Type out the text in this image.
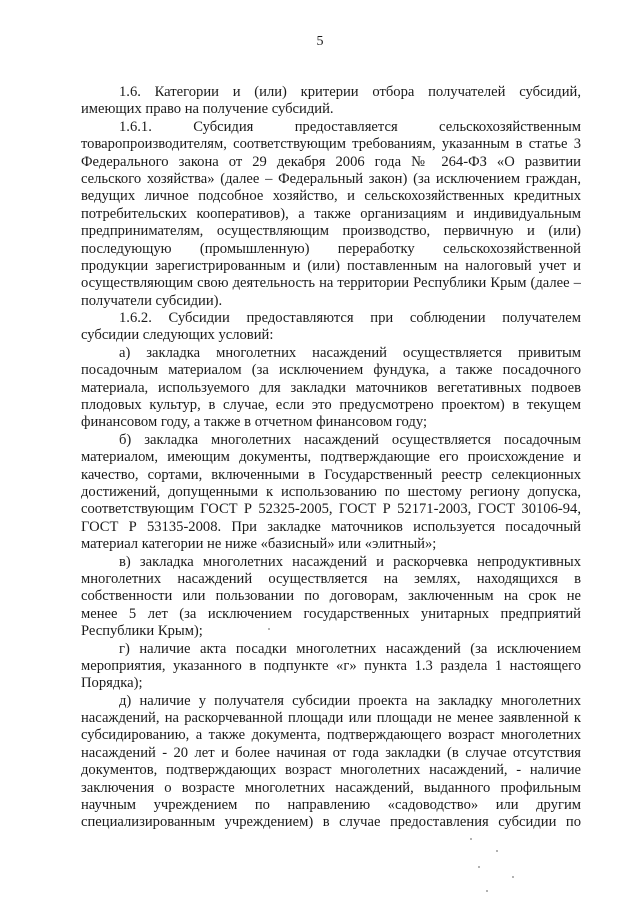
5
1.6. Категории и (или) критерии отбора получателей субсидий,
имеющих право на получение субсидий.
1.6.1. Субсидия предоставляется сельскохозяйственным
товаропроизводителям, соответствующим требованиям, указанным в статье 3
Федерального закона от 29 декабря 2006 года № 264-ФЗ «О развитии
сельского хозяйства» (далее – Федеральный закон) (за исключением граждан,
ведущих личное подсобное хозяйство, и сельскохозяйственных кредитных
потребительских кооперативов), а также организациям и индивидуальным
предпринимателям, осуществляющим производство, первичную и (или)
последующую (промышленную) переработку сельскохозяйственной
продукции зарегистрированным и (или) поставленным на налоговый учет и
осуществляющим свою деятельность на территории Республики Крым (далее –
получатели субсидии).
1.6.2. Субсидии предоставляются при соблюдении получателем
субсидии следующих условий:
а) закладка многолетних насаждений осуществляется привитым
посадочным материалом (за исключением фундука, а также посадочного
материала, используемого для закладки маточников вегетативных подвоев
плодовых культур, в случае, если это предусмотрено проектом) в текущем
финансовом году, а также в отчетном финансовом году;
б) закладка многолетних насаждений осуществляется посадочным
материалом, имеющим документы, подтверждающие его происхождение и
качество, сортами, включенными в Государственный реестр селекционных
достижений, допущенными к использованию по шестому региону допуска,
соответствующим ГОСТ Р 52325-2005, ГОСТ Р 52171-2003, ГОСТ 30106-94,
ГОСТ Р 53135-2008. При закладке маточников используется посадочный
материал категории не ниже «базисный» или «элитный»;
в) закладка многолетних насаждений и раскорчевка непродуктивных
многолетних насаждений осуществляется на землях, находящихся в
собственности или пользовании по договорам, заключенным на срок не
менее 5 лет (за исключением государственных унитарных предприятий
Республики Крым);
г) наличие акта посадки многолетних насаждений (за исключением
мероприятия, указанного в подпункте «г» пункта 1.3 раздела 1 настоящего
Порядка);
д) наличие у получателя субсидии проекта на закладку многолетних
насаждений, на раскорчеванной площади или площади не менее заявленной к
субсидированию, а также документа, подтверждающего возраст многолетних
насаждений - 20 лет и более начиная от года закладки (в случае отсутствия
документов, подтверждающих возраст многолетних насаждений, - наличие
заключения о возрасте многолетних насаждений, выданного профильным
научным учреждением по направлению «садоводство» или другим
специализированным учреждением) в случае предоставления субсидии по
